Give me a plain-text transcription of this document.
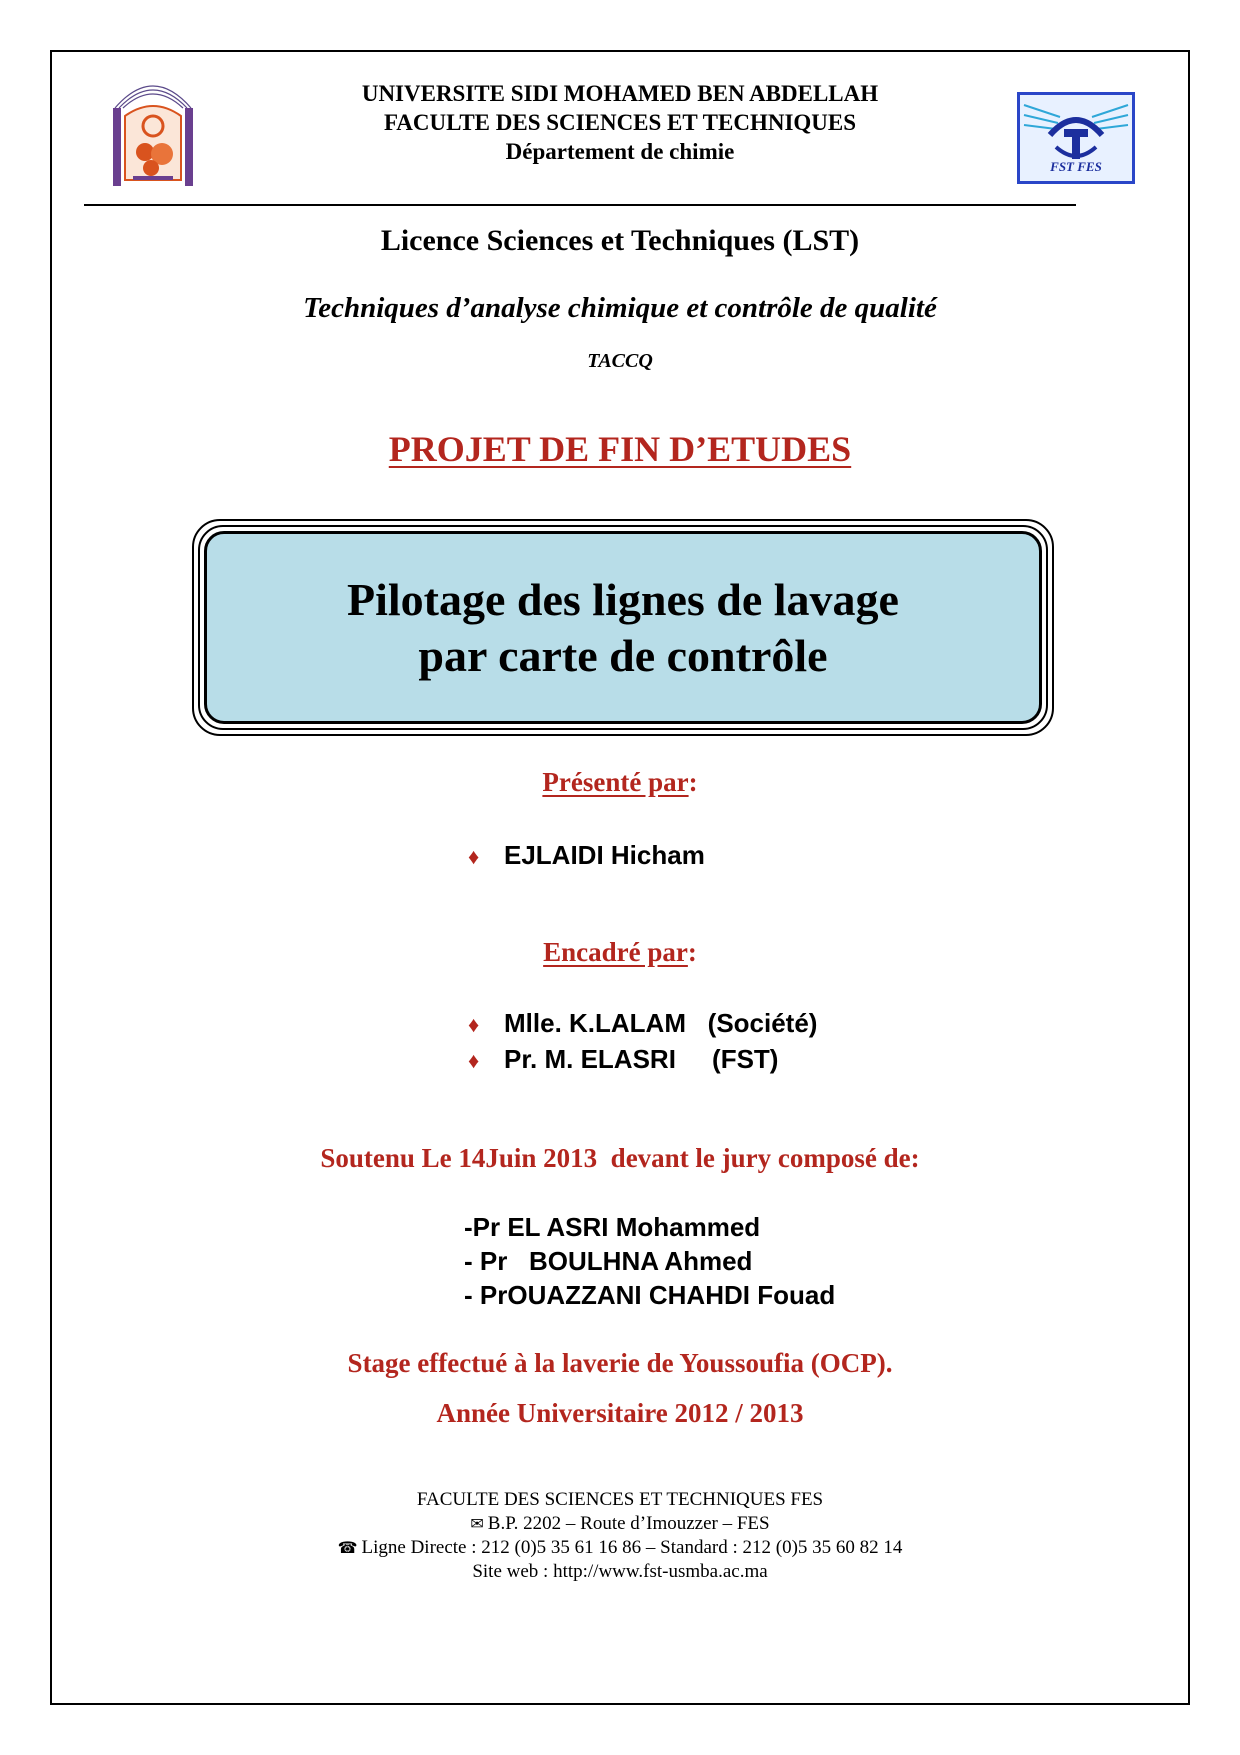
FST FES
UNIVERSITE SIDI MOHAMED BEN ABDELLAH
FACULTE DES SCIENCES ET TECHNIQUES
Département de chimie
Licence Sciences et Techniques (LST)
Techniques d’analyse chimique et contrôle de qualité
TACCQ
PROJET DE FIN D’ETUDES
Pilotage des lignes de lavage
par carte de contrôle
Présenté par:
♦ EJLAIDI Hicham
Encadré par:
♦ Mlle. K.LALAM   (Société)
♦ Pr. M. ELASRI     (FST)
Soutenu Le 14Juin 2013  devant le jury composé de:
-Pr EL ASRI Mohammed
- Pr   BOULHNA Ahmed
- PrOUAZZANI CHAHDI Fouad
Stage effectué à la laverie de Youssoufia (OCP).
Année Universitaire 2012 / 2013
FACULTE DES SCIENCES ET TECHNIQUES FES
✉ B.P. 2202 – Route d’Imouzzer – FES
☎ Ligne Directe : 212 (0)5 35 61 16 86 – Standard : 212 (0)5 35 60 82 14
Site web : http://www.fst-usmba.ac.ma
